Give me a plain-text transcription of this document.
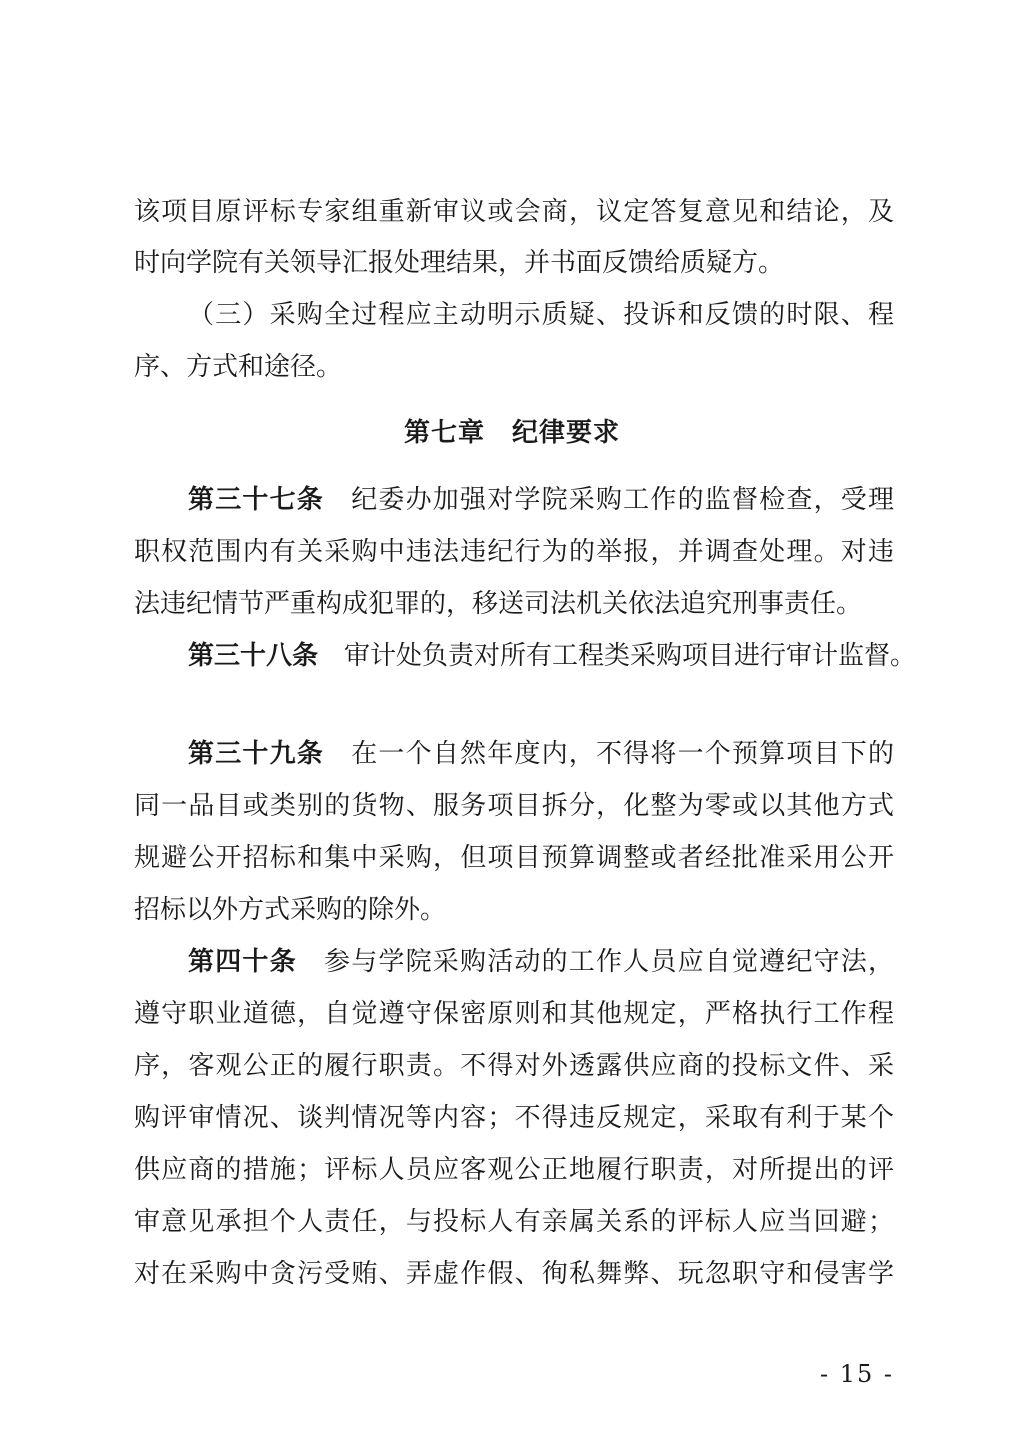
该项目原评标专家组重新审议或会商，议定答复意见和结论，及
时向学院有关领导汇报处理结果，并书面反馈给质疑方。
（三）采购全过程应主动明示质疑、投诉和反馈的时限、程
序、方式和途径。
第七章　纪律要求
第三十七条　 纪委办加强对学院采购工作的监督检查，受理
职权范围内有关采购中违法违纪行为的举报，并调查处理。对违
法违纪情节严重构成犯罪的，移送司法机关依法追究刑事责任。
第三十八条　 审计处负责对所有工程类采购项目进行审计监督。
第三十九条　 在一个自然年度内，不得将一个预算项目下的
同一品目或类别的货物、服务项目拆分，化整为零或以其他方式
规避公开招标和集中采购，但项目预算调整或者经批准采用公开
招标以外方式采购的除外。
第四十条　 参与学院采购活动的工作人员应自觉遵纪守法，
遵守职业道德，自觉遵守保密原则和其他规定，严格执行工作程
序，客观公正的履行职责。不得对外透露供应商的投标文件、采
购评审情况、谈判情况等内容；不得违反规定，采取有利于某个
供应商的措施；评标人员应客观公正地履行职责，对所提出的评
审意见承担个人责任，与投标人有亲属关系的评标人应当回避；
对在采购中贪污受贿、弄虚作假、徇私舞弊、玩忽职守和侵害学
- 15 -
